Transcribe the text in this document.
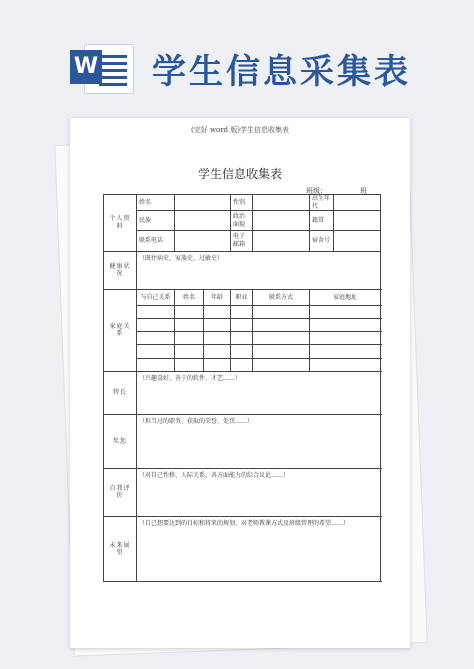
W 学生信息采集表
(完好 word 版)学生信息收集表
学生信息收集表
班级：	班
个人资料	姓名			性别		出生年代		
	民族			政治面貌		籍贯		
	联系电话			电子邮箱		宿舍号		
健康状况	（既往病史、家族史、过敏史）							
家庭关系	与自己关系	姓名	年龄	职业	联系方式	家庭地址		

特长	（兴趣喜好、善于的软件、才艺……）							
奖惩	（担当过的职务、获取的荣誉、处罚……）							
自我评价	（对自己性格、人际关系、各方面能力的综合议论……）							
未来展望	（自己想要达到的目标和将来的规划、对老师教课方式及班级管理的希望……）							
